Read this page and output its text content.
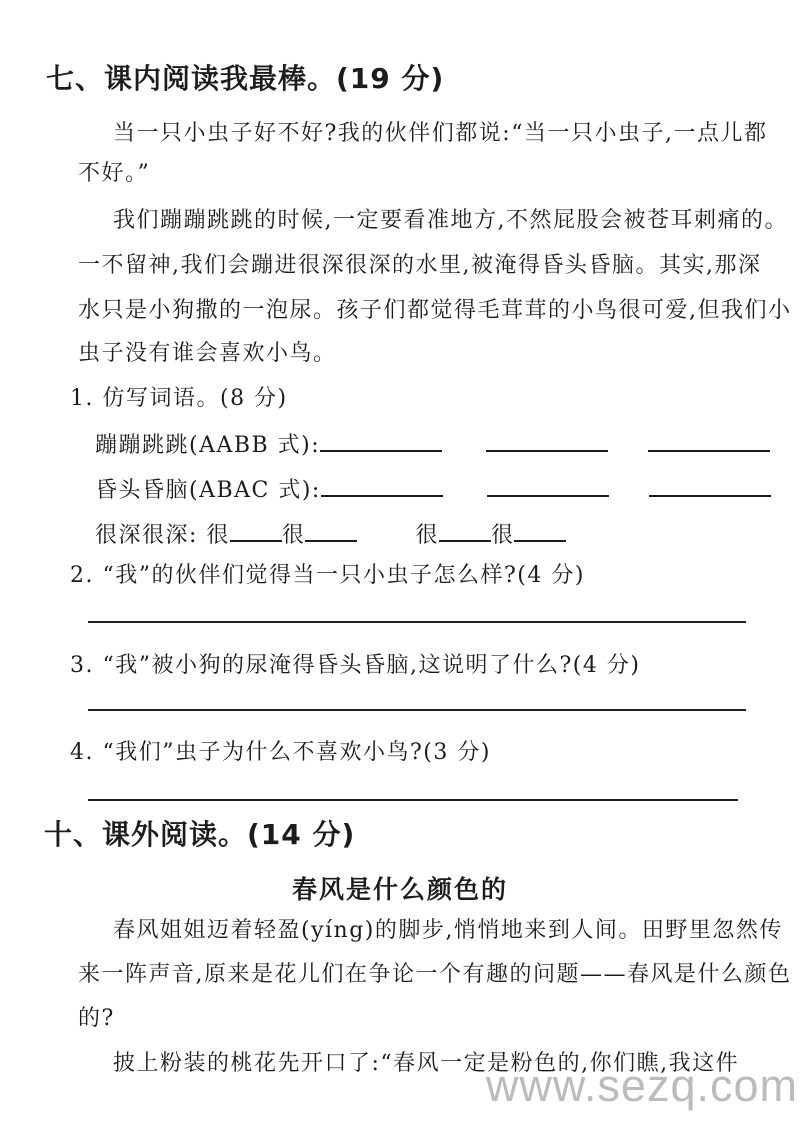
七、课内阅读我最棒。(19 分)
当一只小虫子好不好?我的伙伴们都说:“当一只小虫子,一点儿都
不好。”
我们蹦蹦跳跳的时候,一定要看准地方,不然屁股会被苍耳刺痛的。
一不留神,我们会蹦进很深很深的水里,被淹得昏头昏脑。其实,那深
水只是小狗撒的一泡尿。孩子们都觉得毛茸茸的小鸟很可爱,但我们小
虫子没有谁会喜欢小鸟。
1. 仿写词语。(8 分)
蹦蹦跳跳(AABB 式):
昏头昏脑(ABAC 式):
很深很深: 很 很	很 很
2. “我”的伙伴们觉得当一只小虫子怎么样?(4 分)
3. “我”被小狗的尿淹得昏头昏脑,这说明了什么?(4 分)
4. “我们”虫子为什么不喜欢小鸟?(3 分)
十、课外阅读。(14 分)
春风是什么颜色的
春风姐姐迈着轻盈(yíng)的脚步,悄悄地来到人间。田野里忽然传
来一阵声音,原来是花儿们在争论一个有趣的问题——春风是什么颜色
的?
披上粉装的桃花先开口了:“春风一定是粉色的,你们瞧,我这件
www.sezq.com
